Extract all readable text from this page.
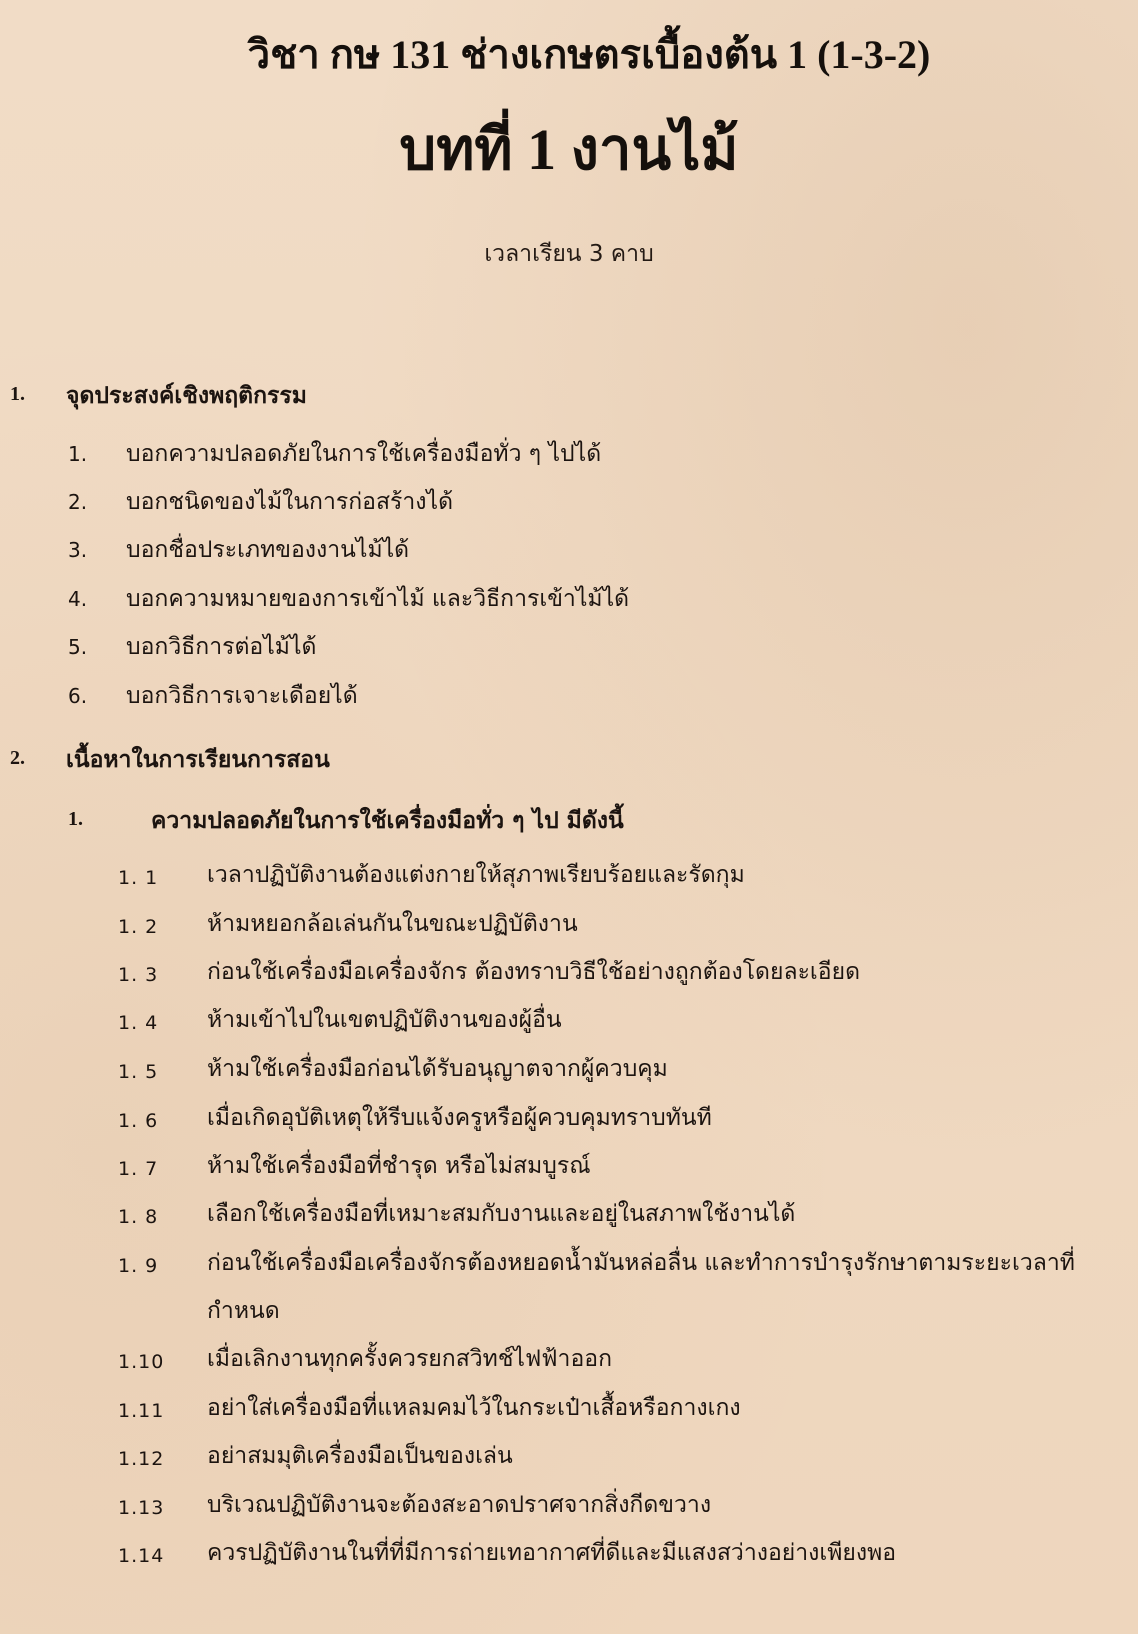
วิชา กษ 131 ช่างเกษตรเบื้องต้น 1 (1-3-2)
บทที่ 1 งานไม้
เวลาเรียน 3 คาบ
1. จุดประสงค์เชิงพฤติกรรม
1. บอกความปลอดภัยในการใช้เครื่องมือทั่ว ๆ ไปได้
2. บอกชนิดของไม้ในการก่อสร้างได้
3. บอกชื่อประเภทของงานไม้ได้
4. บอกความหมายของการเข้าไม้ และวิธีการเข้าไม้ได้
5. บอกวิธีการต่อไม้ได้
6. บอกวิธีการเจาะเดือยได้
2. เนื้อหาในการเรียนการสอน
1.	ความปลอดภัยในการใช้เครื่องมือทั่ว ๆ ไป มีดังนี้
1. 1 เวลาปฏิบัติงานต้องแต่งกายให้สุภาพเรียบร้อยและรัดกุม
1. 2 ห้ามหยอกล้อเล่นกันในขณะปฏิบัติงาน
1. 3 ก่อนใช้เครื่องมือเครื่องจักร ต้องทราบวิธีใช้อย่างถูกต้องโดยละเอียด
1. 4 ห้ามเข้าไปในเขตปฏิบัติงานของผู้อื่น
1. 5 ห้ามใช้เครื่องมือก่อนได้รับอนุญาตจากผู้ควบคุม
1. 6 เมื่อเกิดอุบัติเหตุให้รีบแจ้งครูหรือผู้ควบคุมทราบทันที
1. 7 ห้ามใช้เครื่องมือที่ชำรุด หรือไม่สมบูรณ์
1. 8 เลือกใช้เครื่องมือที่เหมาะสมกับงานและอยู่ในสภาพใช้งานได้
1. 9 ก่อนใช้เครื่องมือเครื่องจักรต้องหยอดน้ำมันหล่อลื่น และทำการบำรุงรักษาตามระยะเวลาที่กำหนด
1.10 เมื่อเลิกงานทุกครั้งควรยกสวิทช์ไฟฟ้าออก
1.11 อย่าใส่เครื่องมือที่แหลมคมไว้ในกระเป๋าเสื้อหรือกางเกง
1.12 อย่าสมมุติเครื่องมือเป็นของเล่น
1.13 บริเวณปฏิบัติงานจะต้องสะอาดปราศจากสิ่งกีดขวาง
1.14 ควรปฏิบัติงานในที่ที่มีการถ่ายเทอากาศที่ดีและมีแสงสว่างอย่างเพียงพอ
